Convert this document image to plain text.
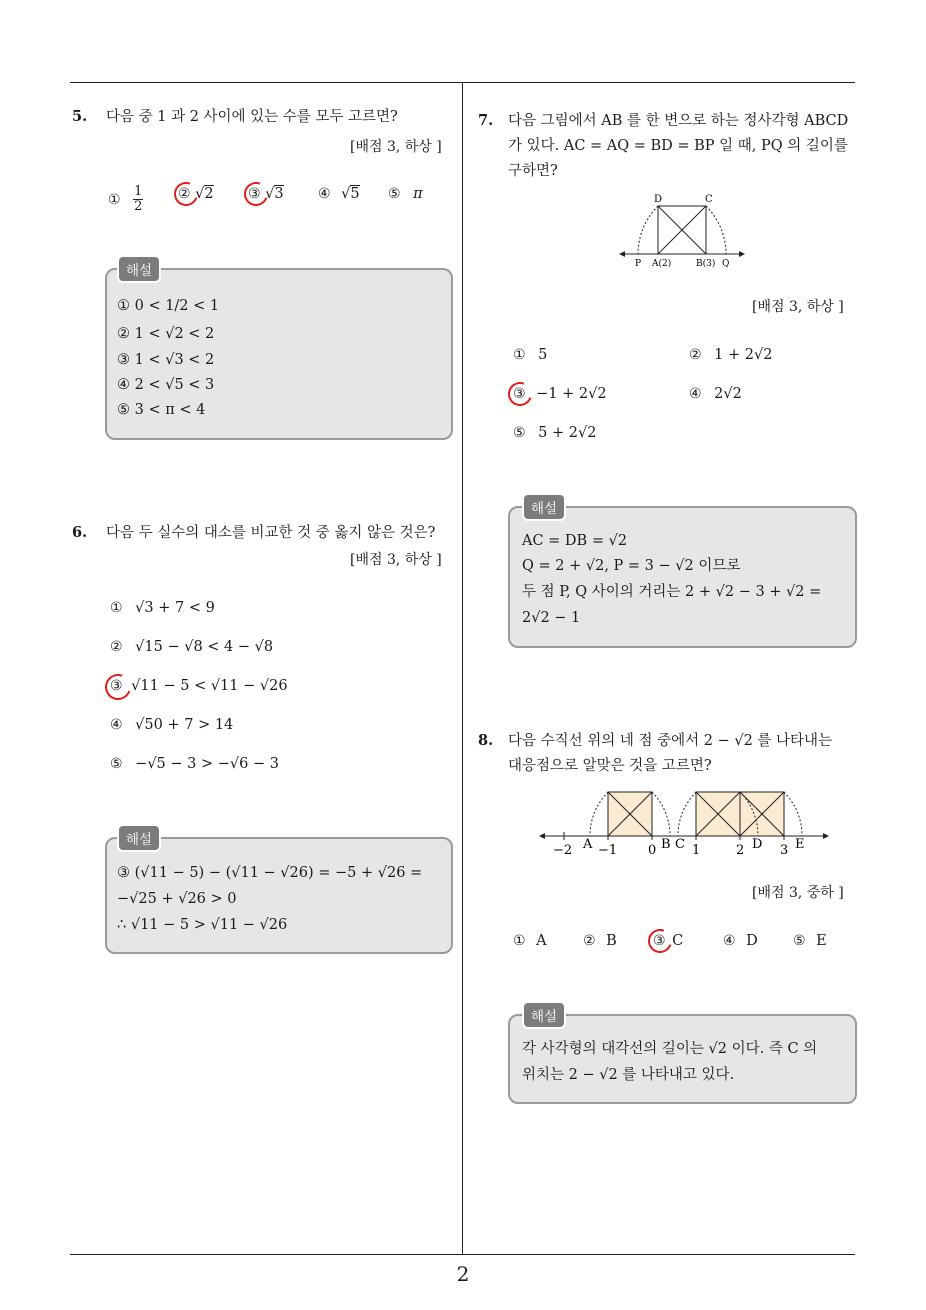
5. 다음 중 1 과 2 사이에 있는 수를 모두 고르면?
[배점 3, 하상 ]
① $\frac{1}{2}$ ② √2 ③ √3 ④ √5 ⑤ π
① 0 < 1/2 < 1
② 1 < √2 < 2
③ 1 < √3 < 2
④ 2 < √5 < 3
⑤ 3 < π < 4
해설
6. 다음 두 실수의 대소를 비교한 것 중 옳지 않은 것은?
[배점 3, 하상 ]
① √3 + 7 < 9
② √15 − √8 < 4 − √8
③ √11 − 5 < √11 − √26
④ √50 + 7 > 14
⑤ −√5 − 3 > −√6 − 3
③ (√11 − 5) − (√11 − √26) = −5 + √26 =
−√25 + √26 > 0
∴ √11 − 5 > √11 − √26
해설
7. 다음 그림에서 AB 를 한 변으로 하는 정사각형 ABCD
가 있다. AC = AQ = BD = BP 일 때, PQ 의 길이를
구하면?
D	C
P A(2)	B(3) Q
[배점 3, 하상 ]
① 5	② 1 + 2√2
③ −1 + 2√2	④ 2√2
⑤ 5 + 2√2
AC = DB = √2
Q = 2 + √2, P = 3 − √2 이므로
두 점 P, Q 사이의 거리는 2 + √2 − 3 + √2 =
2√2 − 1
해설
8. 다음 수직선 위의 네 점 중에서 2 − √2 를 나타내는
대응점으로 알맞은 것을 고르면?
−2 A −1 0 B C 1	2 D 3 E
[배점 3, 중하 ]
① A	② B	③ C	④ D	⑤ E
각 사각형의 대각선의 길이는 √2 이다. 즉 C 의
위치는 2 − √2 를 나타내고 있다.
해설
2
